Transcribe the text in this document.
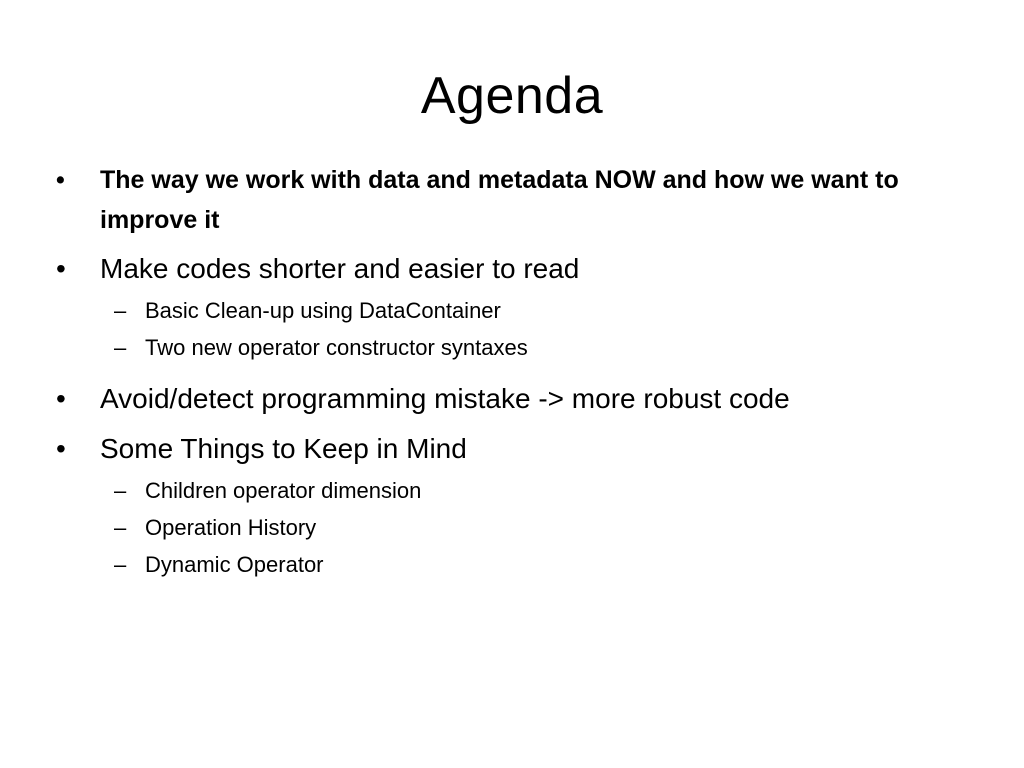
Agenda
•	The way we work with data and metadata NOW and how we want to improve it
•	Make codes shorter and easier to read
– Basic Clean-up using DataContainer
– Two new operator constructor syntaxes
•	Avoid/detect programming mistake -> more robust code
•	Some Things to Keep in Mind
– Children operator dimension
– Operation History
– Dynamic Operator
